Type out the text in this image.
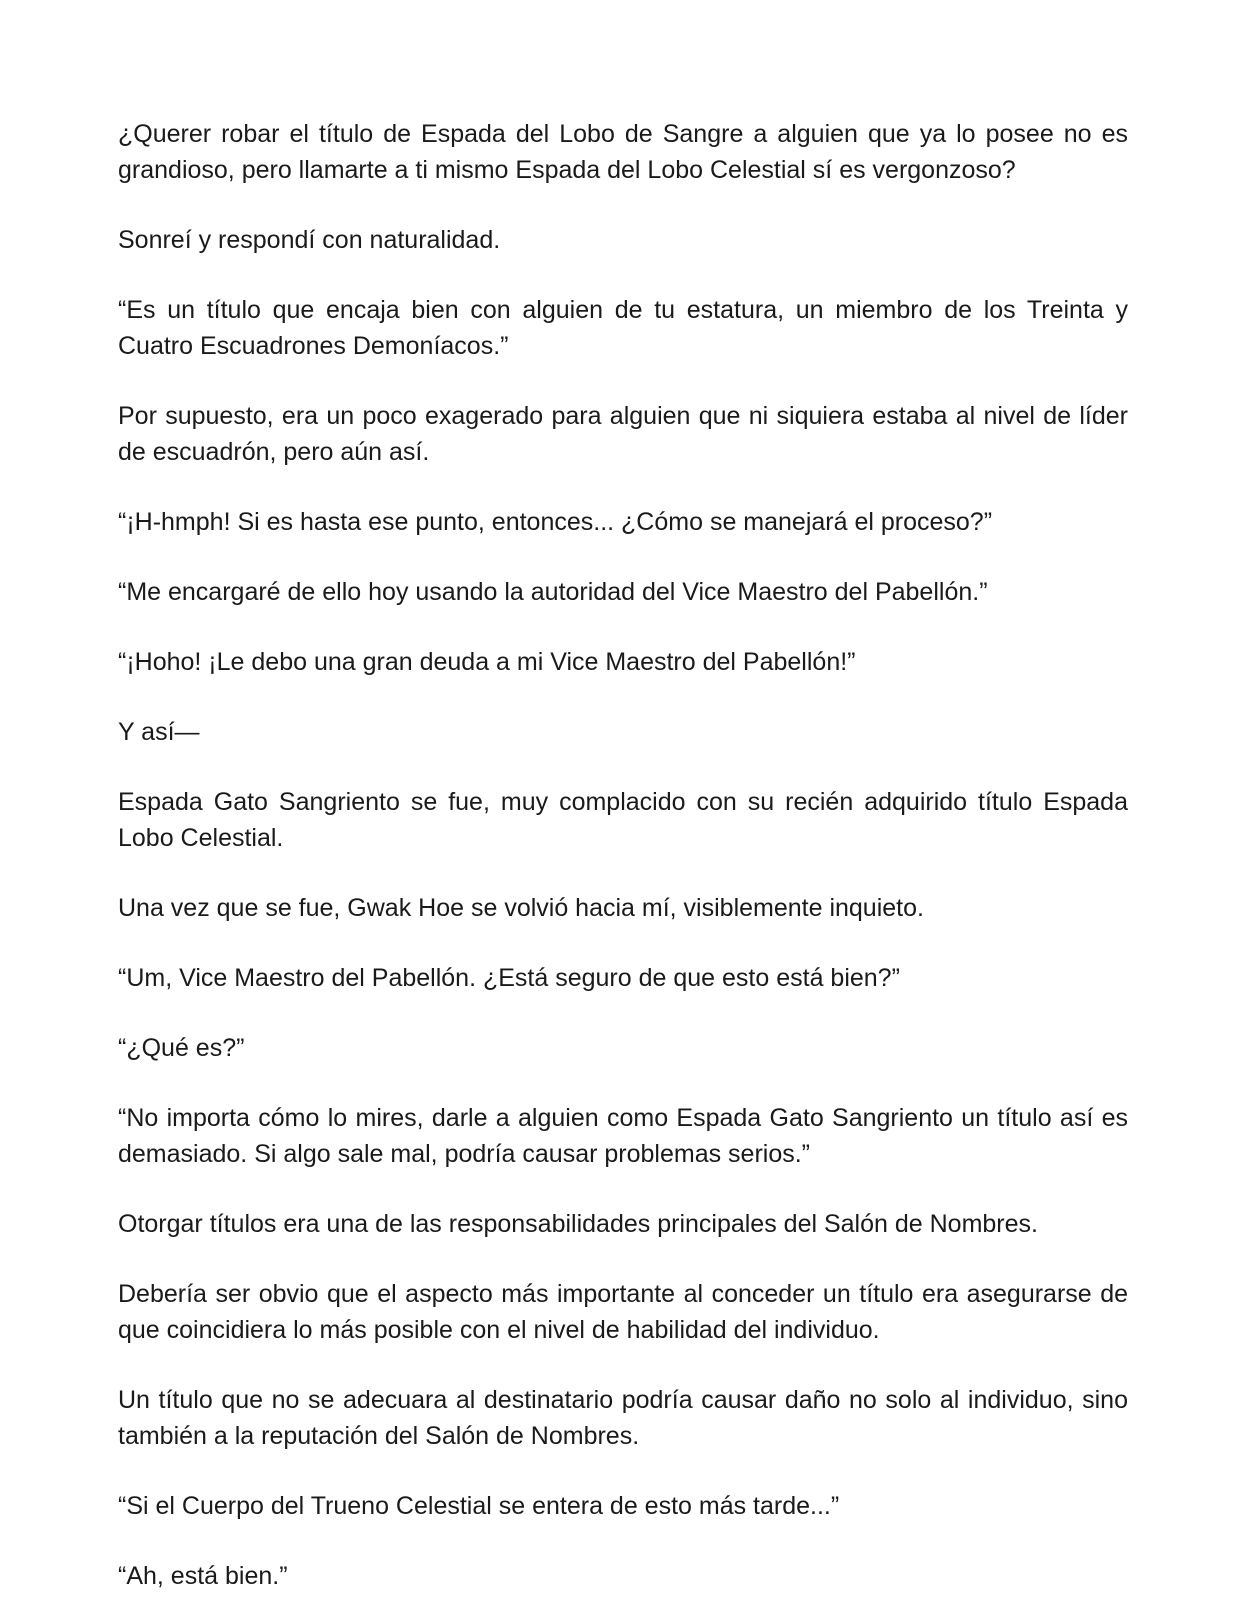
¿Querer robar el título de Espada del Lobo de Sangre a alguien que ya lo posee no es grandioso, pero llamarte a ti mismo Espada del Lobo Celestial sí es vergonzoso?

Sonreí y respondí con naturalidad.

“Es un título que encaja bien con alguien de tu estatura, un miembro de los Treinta y Cuatro Escuadrones Demoníacos.”

Por supuesto, era un poco exagerado para alguien que ni siquiera estaba al nivel de líder de escuadrón, pero aún así.

“¡H-hmph! Si es hasta ese punto, entonces... ¿Cómo se manejará el proceso?”

“Me encargaré de ello hoy usando la autoridad del Vice Maestro del Pabellón.”

“¡Hoho! ¡Le debo una gran deuda a mi Vice Maestro del Pabellón!”

Y así—

Espada Gato Sangriento se fue, muy complacido con su recién adquirido título Espada Lobo Celestial.

Una vez que se fue, Gwak Hoe se volvió hacia mí, visiblemente inquieto.

“Um, Vice Maestro del Pabellón. ¿Está seguro de que esto está bien?”

“¿Qué es?”

“No importa cómo lo mires, darle a alguien como Espada Gato Sangriento un título así es demasiado. Si algo sale mal, podría causar problemas serios.”

Otorgar títulos era una de las responsabilidades principales del Salón de Nombres.

Debería ser obvio que el aspecto más importante al conceder un título era asegurarse de que coincidiera lo más posible con el nivel de habilidad del individuo.

Un título que no se adecuara al destinatario podría causar daño no solo al individuo, sino también a la reputación del Salón de Nombres.

“Si el Cuerpo del Trueno Celestial se entera de esto más tarde...”

“Ah, está bien.”
